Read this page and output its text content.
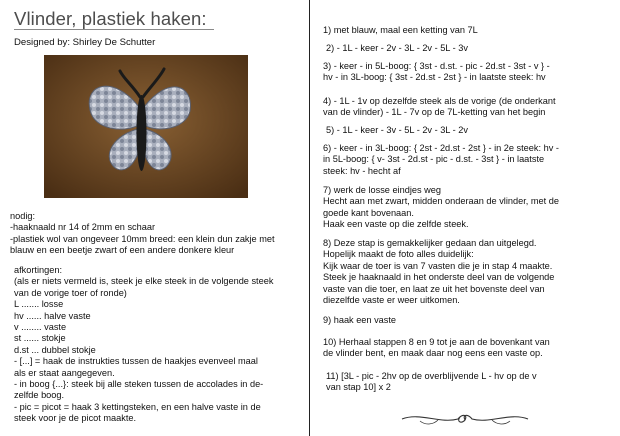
Vlinder, plastiek haken:
Designed by: Shirley De Schutter
nodig:
-haaknaald nr 14 of 2mm en schaar
-plastiek wol van ongeveer 10mm breed: een klein dun zakje met
blauw en een beetje zwart of een andere donkere kleur
afkortingen:
(als er niets vermeld is, steek je elke steek in de volgende steek
van de vorige toer of ronde)
L ....... losse
hv ...... halve vaste
v ........ vaste
st ...... stokje
d.st ... dubbel stokje
- [...] = haak de instrukties tussen de haakjes evenveel maal
als er staat aangegeven.
- in boog {...}: steek bij alle steken tussen de accolades in de-
zelfde boog.
- pic = picot = haak 3 kettingsteken, en een halve vaste in de
steek voor je de picot maakte.
1) met blauw, maal een ketting van 7L
2) - 1L - keer - 2v - 3L - 2v - 5L - 3v
3) - keer - in 5L-boog: { 3st - d.st. - pic - 2d.st - 3st - v } -
hv - in 3L-boog: { 3st - 2d.st - 2st } - in laatste steek: hv
4) - 1L - 1v op dezelfde steek als de vorige (de onderkant
van de vlinder) - 1L - 7v op de 7L-ketting van het begin
5) - 1L - keer - 3v - 5L - 2v - 3L - 2v
6) - keer - in 3L-boog: { 2st - 2d.st - 2st } - in 2e steek: hv -
in 5L-boog: { v- 3st - 2d.st - pic - d.st. - 3st } - in laatste
steek: hv - hecht af
7) werk de losse eindjes weg
Hecht aan met zwart, midden onderaan de vlinder, met de
goede kant bovenaan.
Haak een vaste op die zelfde steek.
8) Deze stap is gemakkelijker gedaan dan uitgelegd.
Hopelijk maakt de foto alles duidelijk:
Kijk waar de toer is van 7 vasten die je in stap 4 maakte.
Steek je haaknaald in het onderste deel van de volgende
vaste van die toer, en laat ze uit het bovenste deel van
diezelfde vaste er weer uitkomen.
9) haak een vaste
10) Herhaal stappen 8 en 9 tot je aan de bovenkant van
de vlinder bent, en maak daar nog eens een vaste op.
11) [3L - pic - 2hv op de overblijvende L - hv op de v
van stap 10] x 2
